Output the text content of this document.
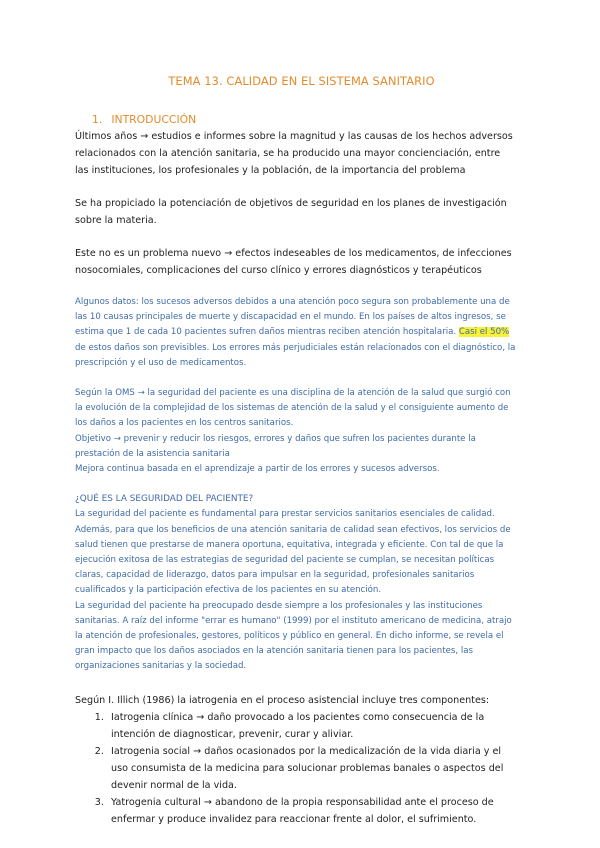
TEMA 13. CALIDAD EN EL SISTEMA SANITARIO
1. INTRODUCCIÓN

Últimos años → estudios e informes sobre la magnitud y las causas de los hechos adversos relacionados con la atención sanitaria, se ha producido una mayor concienciación, entre las instituciones, los profesionales y la población, de la importancia del problema

Se ha propiciado la potenciación de objetivos de seguridad en los planes de investigación sobre la materia.

Este no es un problema nuevo → efectos indeseables de los medicamentos, de infecciones nosocomiales, complicaciones del curso clínico y errores diagnósticos y terapéuticos

Algunos datos: los sucesos adversos debidos a una atención poco segura son probablemente una de las 10 causas principales de muerte y discapacidad en el mundo. En los países de altos ingresos, se estima que 1 de cada 10 pacientes sufren daños mientras reciben atención hospitalaria. Casi el 50% de estos daños son previsibles. Los errores más perjudiciales están relacionados con el diagnóstico, la prescripción y el uso de medicamentos.

Según la OMS → la seguridad del paciente es una disciplina de la atención de la salud que surgió con la evolución de la complejidad de los sistemas de atención de la salud y el consiguiente aumento de los daños a los pacientes en los centros sanitarios.

Objetivo → prevenir y reducir los riesgos, errores y daños que sufren los pacientes durante la prestación de la asistencia sanitaria

Mejora continua basada en el aprendizaje a partir de los errores y sucesos adversos.

¿QUÉ ES LA SEGURIDAD DEL PACIENTE?

La seguridad del paciente es fundamental para prestar servicios sanitarios esenciales de calidad. Además, para que los beneficios de una atención sanitaria de calidad sean efectivos, los servicios de salud tienen que prestarse de manera oportuna, equitativa, integrada y eficiente. Con tal de que la ejecución exitosa de las estrategias de seguridad del paciente se cumplan, se necesitan políticas claras, capacidad de liderazgo, datos para impulsar en la seguridad, profesionales sanitarios cualificados y la participación efectiva de los pacientes en su atención.

La seguridad del paciente ha preocupado desde siempre a los profesionales y las instituciones sanitarias. A raíz del informe "errar es humano" (1999) por el instituto americano de medicina, atrajo la atención de profesionales, gestores, políticos y público en general. En dicho informe, se revela el gran impacto que los daños asociados en la atención sanitaria tienen para los pacientes, las organizaciones sanitarias y la sociedad.

Según I. Illich (1986) la iatrogenia en el proceso asistencial incluye tres componentes:

1. Iatrogenia clínica → daño provocado a los pacientes como consecuencia de la intención de diagnosticar, prevenir, curar y aliviar.
2. Iatrogenia social → daños ocasionados por la medicalización de la vida diaria y el uso consumista de la medicina para solucionar problemas banales o aspectos del devenir normal de la vida.
3. Yatrogenia cultural → abandono de la propia responsabilidad ante el proceso de enfermar y produce invalidez para reaccionar frente al dolor, el sufrimiento.
